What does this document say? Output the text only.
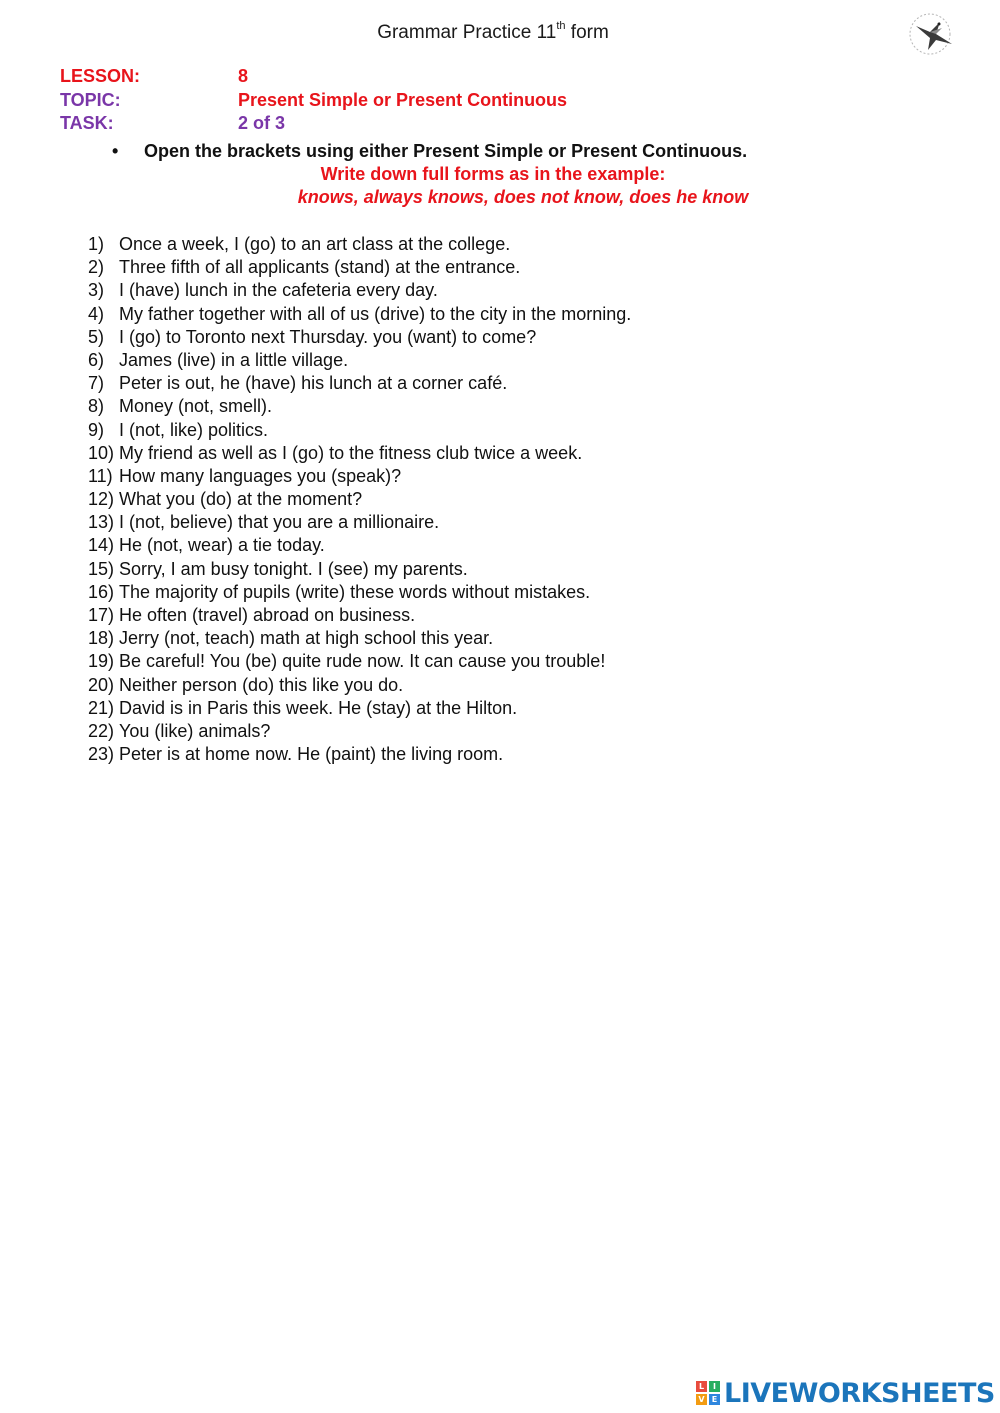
Grammar Practice 11th form
LESSON:	8
TOPIC:	Present Simple or Present Continuous
TASK:	2 of 3
• Open the brackets using either Present Simple or Present Continuous.
Write down full forms as in the example:
knows, always knows, does not know, does he know
1) Once a week, I (go) to an art class at the college.
2) Three fifth of all applicants (stand) at the entrance.
3) I (have) lunch in the cafeteria every day.
4) My father together with all of us (drive) to the city in the morning.
5) I (go) to Toronto next Thursday. you (want) to come?
6) James (live) in a little village.
7) Peter is out, he (have) his lunch at a corner café.
8) Money (not, smell).
9) I (not, like) politics.
10) My friend as well as I (go) to the fitness club twice a week.
11) How many languages you (speak)?
12) What you (do) at the moment?
13) I (not, believe) that you are a millionaire.
14) He (not, wear) a tie today.
15) Sorry, I am busy tonight. I (see) my parents.
16) The majority of pupils (write) these words without mistakes.
17) He often (travel) abroad on business.
18) Jerry (not, teach) math at high school this year.
19) Be careful! You (be) quite rude now. It can cause you trouble!
20) Neither person (do) this like you do.
21) David is in Paris this week. He (stay) at the Hilton.
22) You (like) animals?
23) Peter is at home now. He (paint) the living room.
L	I
V E LIVEWORKSHEETS
